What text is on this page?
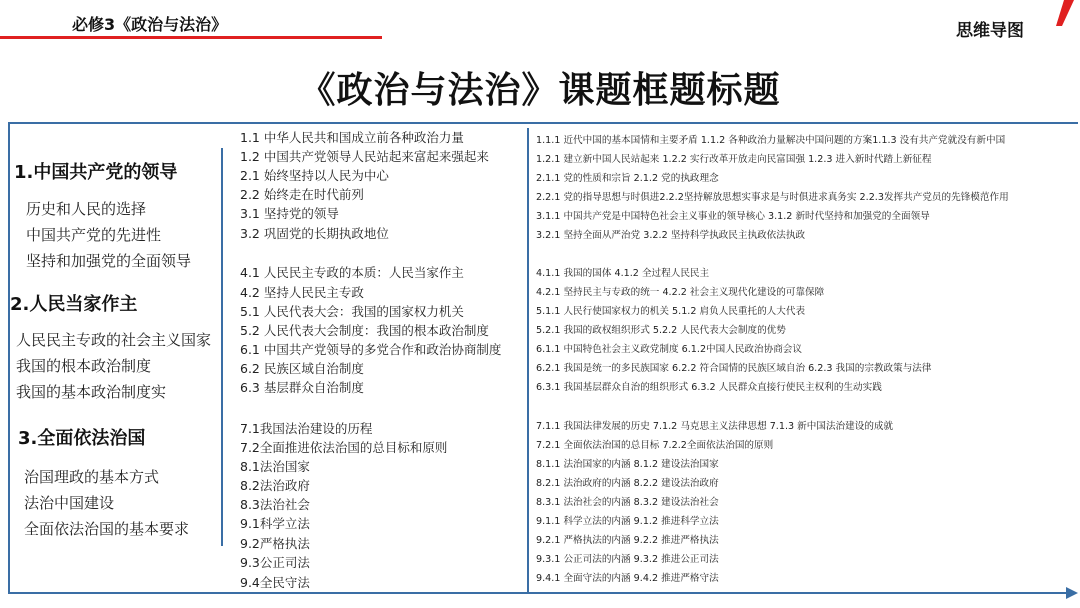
必修3《政治与法治》	思维导图
《政治与法治》课题框题标题
1.中国共产党的领导
历史和人民的选择
中国共产党的先进性
坚持和加强党的全面领导
2.人民当家作主
人民民主专政的社会主义国家
我国的根本政治制度
我国的基本政治制度实
3.全面依法治国
治国理政的基本方式
法治中国建设
全面依法治国的基本要求
1.1 中华人民共和国成立前各种政治力量
1.2 中国共产党领导人民站起来富起来强起来
2.1 始终坚持以人民为中心
2.2 始终走在时代前列
3.1 坚持党的领导
3.2 巩固党的长期执政地位
4.1 人民民主专政的本质：人民当家作主
4.2 坚持人民民主专政
5.1 人民代表大会：我国的国家权力机关
5.2 人民代表大会制度：我国的根本政治制度
6.1 中国共产党领导的多党合作和政治协商制度
6.2 民族区域自治制度
6.3 基层群众自治制度
7.1我国法治建设的历程
7.2全面推进依法治国的总目标和原则
8.1法治国家
8.2法治政府
8.3法治社会
9.1科学立法
9.2严格执法
9.3公正司法
9.4全民守法
1.1.1 近代中国的基本国情和主要矛盾 1.1.2 各种政治力量解决中国问题的方案1.1.3 没有共产党就没有新中国
1.2.1 建立新中国人民站起来 1.2.2 实行改革开放走向民富国强 1.2.3 进入新时代踏上新征程
2.1.1 党的性质和宗旨 2.1.2 党的执政理念
2.2.1 党的指导思想与时俱进2.2.2坚持解放思想实事求是与时俱进求真务实 2.2.3发挥共产党员的先锋模范作用
3.1.1 中国共产党是中国特色社会主义事业的领导核心 3.1.2 新时代坚持和加强党的全面领导
3.2.1 坚持全面从严治党 3.2.2 坚持科学执政民主执政依法执政
4.1.1 我国的国体 4.1.2 全过程人民民主
4.2.1 坚持民主与专政的统一 4.2.2 社会主义现代化建设的可靠保障
5.1.1 人民行使国家权力的机关 5.1.2 肩负人民重托的人大代表
5.2.1 我国的政权组织形式 5.2.2 人民代表大会制度的优势
6.1.1 中国特色社会主义政党制度 6.1.2中国人民政治协商会议
6.2.1 我国是统一的多民族国家 6.2.2 符合国情的民族区域自治 6.2.3 我国的宗教政策与法律
6.3.1 我国基层群众自治的组织形式 6.3.2 人民群众直接行使民主权利的生动实践
7.1.1 我国法律发展的历史 7.1.2 马克思主义法律思想 7.1.3 新中国法治建设的成就
7.2.1 全面依法治国的总目标 7.2.2全面依法治国的原则
8.1.1 法治国家的内涵 8.1.2 建设法治国家
8.2.1 法治政府的内涵 8.2.2 建设法治政府
8.3.1 法治社会的内涵 8.3.2 建设法治社会
9.1.1 科学立法的内涵 9.1.2 推进科学立法
9.2.1 严格执法的内涵 9.2.2 推进严格执法
9.3.1 公正司法的内涵 9.3.2 推进公正司法
9.4.1 全面守法的内涵 9.4.2 推进严格守法
